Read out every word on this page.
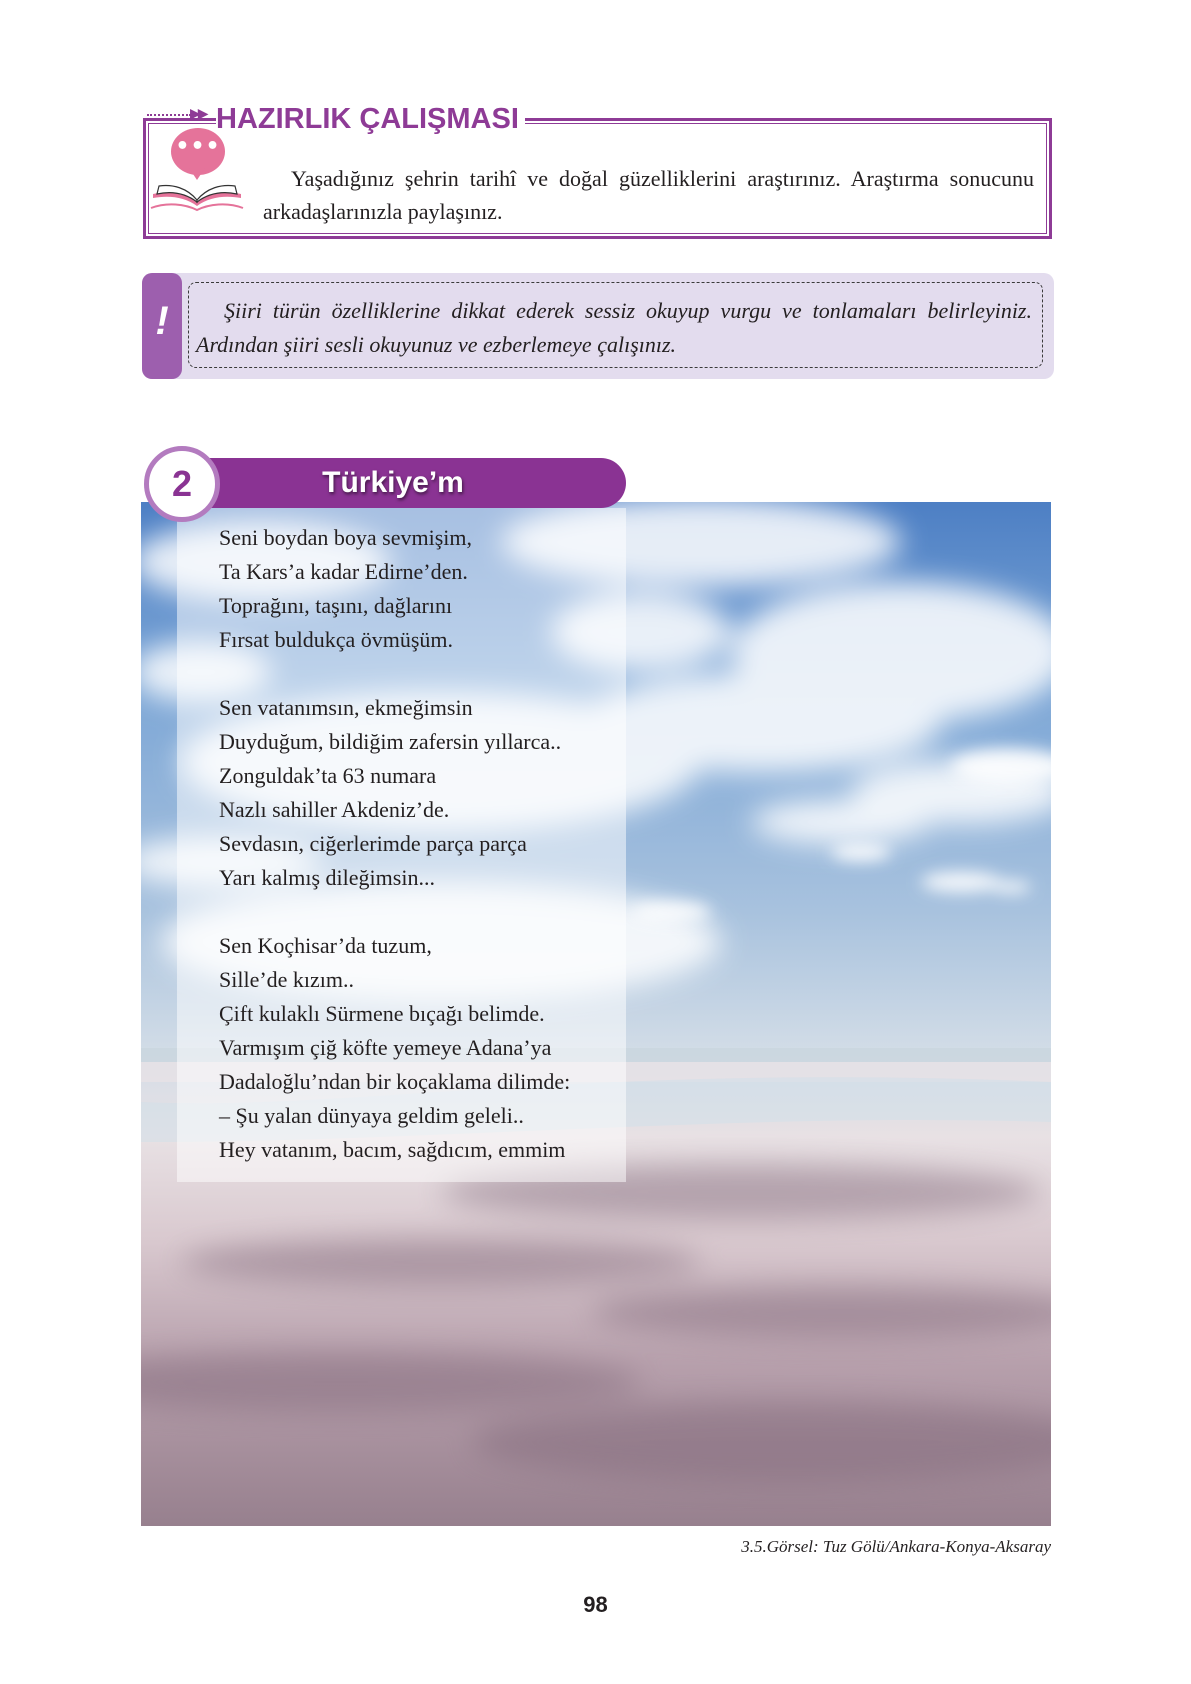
▶▶ HAZIRLIK ÇALIŞMASI
•••
Yaşadığınız şehrin tarihî ve doğal güzelliklerini araştırınız. Araştırma sonucunu arkadaşlarınızla paylaşınız.
!	Şiiri türün özelliklerine dikkat ederek sessiz okuyup vurgu ve tonlamaları belirleyiniz. Ardından şiiri sesli okuyunuz ve ezberlemeye çalışınız.
Türkiye’m
2
Seni boydan boya sevmişim,
Ta Kars’a kadar Edirne’den.
Toprağını, taşını, dağlarını
Fırsat buldukça övmüşüm.
Sen vatanımsın, ekmeğimsin
Duyduğum, bildiğim zafersin yıllarca..
Zonguldak’ta 63 numara
Nazlı sahiller Akdeniz’de.
Sevdasın, ciğerlerimde parça parça
Yarı kalmış dileğimsin...
Sen Koçhisar’da tuzum,
Sille’de kızım..
Çift kulaklı Sürmene bıçağı belimde.
Varmışım çiğ köfte yemeye Adana’ya
Dadaloğlu’ndan bir koçaklama dilimde:
– Şu yalan dünyaya geldim geleli..
Hey vatanım, bacım, sağdıcım, emmim
3.5.Görsel: Tuz Gölü/Ankara-Konya-Aksaray
98
